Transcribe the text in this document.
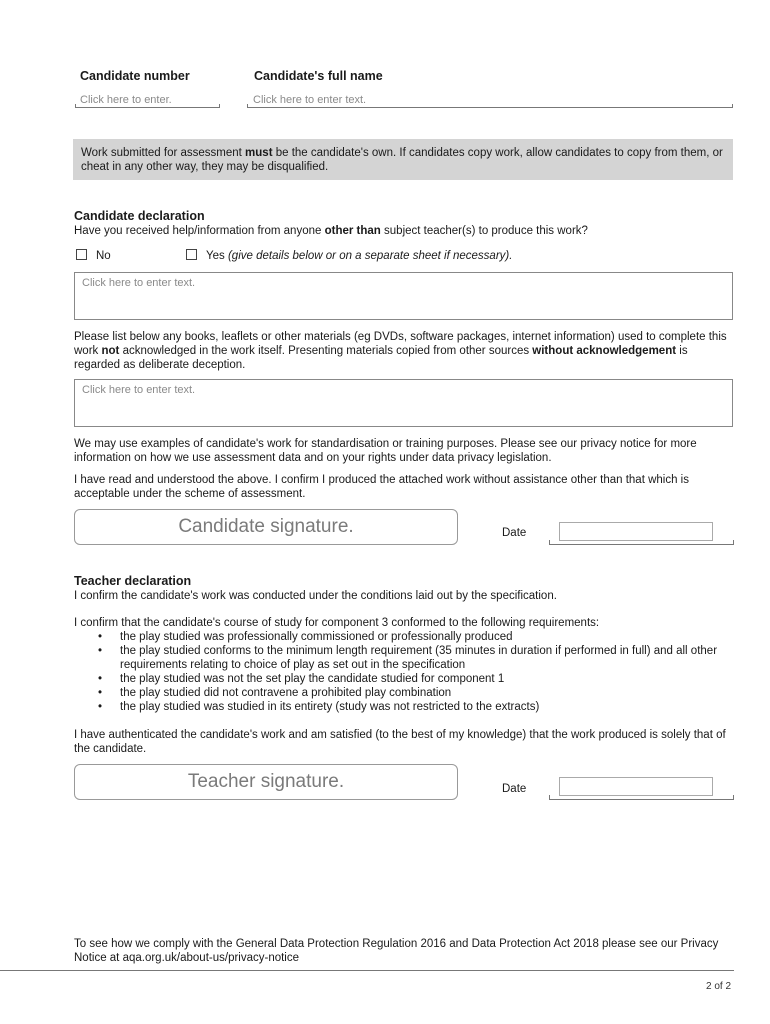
Candidate number	Candidate's full name
Click here to enter.	Click here to enter text.
Work submitted for assessment must be the candidate's own. If candidates copy work, allow candidates to copy from them, or cheat in any other way, they may be disqualified.
Candidate declaration
Have you received help/information from anyone other than subject teacher(s) to produce this work?
No	Yes (give details below or on a separate sheet if necessary).
Click here to enter text.
Please list below any books, leaflets or other materials (eg DVDs, software packages, internet information) used to complete this work not acknowledged in the work itself. Presenting materials copied from other sources without acknowledgement is regarded as deliberate deception.
Click here to enter text.
We may use examples of candidate's work for standardisation or training purposes. Please see our privacy notice for more information on how we use assessment data and on your rights under data privacy legislation.
I have read and understood the above. I confirm I produced the attached work without assistance other than that which is acceptable under the scheme of assessment.
Candidate signature.	Date
Teacher declaration
I confirm the candidate's work was conducted under the conditions laid out by the specification.
I confirm that the candidate's course of study for component 3 conformed to the following requirements:
• the play studied was professionally commissioned or professionally produced
• the play studied conforms to the minimum length requirement (35 minutes in duration if performed in full) and all other requirements relating to choice of play as set out in the specification
• the play studied was not the set play the candidate studied for component 1
• the play studied did not contravene a prohibited play combination
• the play studied was studied in its entirety (study was not restricted to the extracts)
I have authenticated the candidate's work and am satisfied (to the best of my knowledge) that the work produced is solely that of the candidate.
Teacher signature.	Date
To see how we comply with the General Data Protection Regulation 2016 and Data Protection Act 2018 please see our Privacy Notice at aqa.org.uk/about-us/privacy-notice
2 of 2
